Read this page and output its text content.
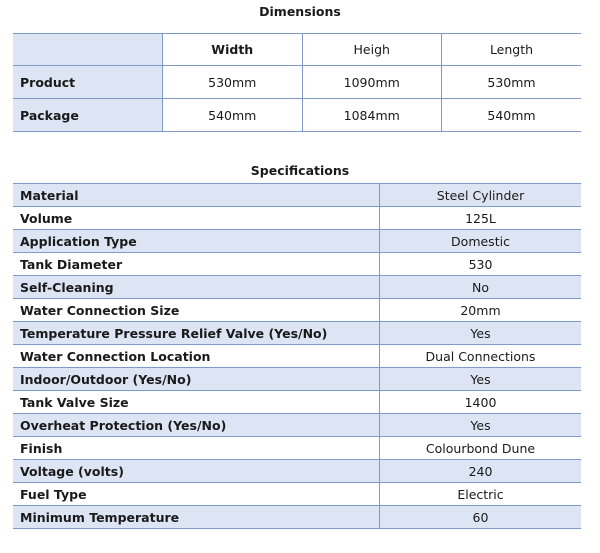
Dimensions
	Width	Heigh	Length
Product	530mm	1090mm	530mm
Package	540mm	1084mm	540mm
Specifications
Material	Steel Cylinder
Volume	125L
Application Type	Domestic
Tank Diameter	530
Self-Cleaning	No
Water Connection Size	20mm
Temperature Pressure Relief Valve (Yes/No)	Yes
Water Connection Location	Dual Connections
Indoor/Outdoor (Yes/No)	Yes
Tank Valve Size	1400
Overheat Protection (Yes/No)	Yes
Finish	Colourbond Dune
Voltage (volts)	240
Fuel Type	Electric
Minimum Temperature	60
